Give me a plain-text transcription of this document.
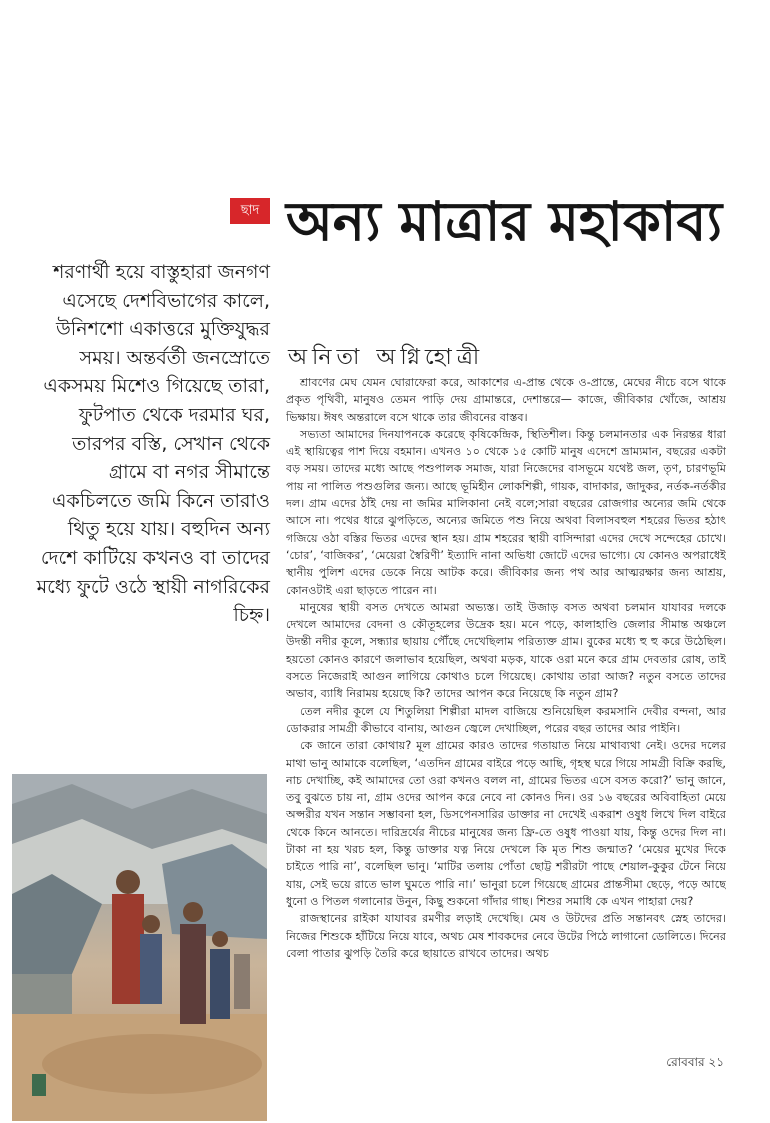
ছাদ অন্য মাত্রার মহাকাব্য
অনিতা অগ্নিহোত্রী

শরণার্থী হয়ে বাস্তুহারা জনগণ এসেছে দেশবিভাগের কালে, উনিশশো একাত্তরে মুক্তিযুদ্ধর সময়। অন্তর্বর্তী জনস্রোতে একসময় মিশেও গিয়েছে তারা, ফুটপাত থেকে দরমার ঘর, তারপর বস্তি, সেখান থেকে গ্রামে বা নগর সীমান্তে একচিলতে জমি কিনে তারাও থিতু হয়ে যায়। বহুদিন অন্য দেশে কাটিয়ে কখনও বা তাদের মধ্যে ফুটে ওঠে স্থায়ী নাগরিকের চিহ্ন।

শ্রাবণের মেঘ যেমন ঘোরাফেরা করে, আকাশের এ-প্রান্ত থেকে ও-প্রান্তে, মেঘের নীচে বসে থাকে প্রকৃত পৃথিবী, মানুষও তেমন পাড়ি দেয় গ্রামান্তরে, দেশান্তরে— কাজে, জীবিকার খোঁজে, আশ্রয় ভিক্ষায়। ঈষৎ অন্তরালে বসে থাকে তার জীবনের বাস্তব।

সভ্যতা আমাদের দিনযাপনকে করেছে কৃষিকেন্দ্রিক, স্থিতিশীল। কিন্তু চলমানতার এক নিরন্তর ধারা এই স্থায়িত্বের পাশ দিয়ে বহমান। এখনও ১০ থেকে ১৫ কোটি মানুষ এদেশে ভ্রাম্যমান, বছরের একটা বড় সময়। তাদের মধ্যে আছে পশুপালক সমাজ, যারা নিজেদের বাসভূমে যথেষ্ট জল, তৃণ, চারণভূমি পায় না পালিত পশুগুলির জন্য। আছে ভূমিহীন লোকশিল্পী, গায়ক, বাদাকার, জাদুকর, নর্তক-নর্তকীর দল। গ্রাম এদের ঠাঁই দেয় না জমির মালিকানা নেই বলে;সারা বছরের রোজগার অন্যের জমি থেকে আসে না। পথের ধারে ঝুপড়িতে, অন্যের জমিতে পশু নিয়ে অথবা বিলাসবহুল শহরের ভিতর হঠাৎ গজিয়ে ওঠা বস্তির ভিতর এদের স্থান হয়। গ্রাম শহরের স্থায়ী বাসিন্দারা এদের দেখে সন্দেহের চোখে। ‘চোর’, ‘বাজিকর’, ‘মেয়েরা স্বৈরিণী’ ইত্যাদি নানা অভিধা জোটে এদের ভাগ্যে। যে কোনও অপরাধেই স্থানীয় পুলিশ এদের ডেকে নিয়ে আটক করে। জীবিকার জন্য পথ আর আত্মরক্ষার জন্য আশ্রয়, কোনওটাই এরা ছাড়তে পারেন না।

মানুষের স্থায়ী বসত দেখতে আমরা অভ্যস্ত। তাই উজাড় বসত অথবা চলমান যাযাবর দলকে দেখলে আমাদের বেদনা ও কৌতূহলের উদ্রেক হয়। মনে পড়ে, কালাহাণ্ডি জেলার সীমান্ত অঞ্চলে উদন্তী নদীর কূলে, সন্ধ্যার ছায়ায় পৌঁছে দেখেছিলাম পরিত্যক্ত গ্রাম। বুকের মধ্যে হু হু করে উঠেছিল। হয়তো কোনও কারণে জলাভাব হয়েছিল, অথবা মড়ক, যাকে ওরা মনে করে গ্রাম দেবতার রোষ, তাই বসতে নিজেরাই আগুন লাগিয়ে কোথাও চলে গিয়েছে। কোথায় তারা আজ? নতুন বসতে তাদের অভাব, ব্যাধি নিরাময় হয়েছে কি? তাদের আপন করে নিয়েছে কি নতুন গ্রাম?

তেল নদীর কূলে যে শিতুলিয়া শিল্পীরা মাদল বাজিয়ে শুনিয়েছিল করমসানি দেবীর বন্দনা, আর ডোকরার সামগ্রী কীভাবে বানায়, আগুন জ্বেলে দেখাচ্ছিল, পরের বছর তাদের আর পাইনি।

কে জানে তারা কোথায়? মূল গ্রামের কারও তাদের গতায়াত নিয়ে মাথাব্যথা নেই। ওদের দলের মাথা ভানু আমাকে বলেছিল, ‘এতদিন গ্রামের বাইরে পড়ে আছি, গৃহস্থ ঘরে গিয়ে সামগ্রী বিক্রি করছি, নাচ দেখাচ্ছি, কই আমাদের তো ওরা কখনও বলল না, গ্রামের ভিতর এসে বসত করো?’ ভানু জানে, তবু বুঝতে চায় না, গ্রাম ওদের আপন করে নেবে না কোনও দিন। ওর ১৬ বছরের অবিবাহিতা মেয়ে অপ্সরীর যখন সন্তান সম্ভাবনা হল, ডিসপেনসারির ডাক্তার না দেখেই একরাশ ওষুধ লিখে দিল বাইরে থেকে কিনে আনতে। দারিদ্রর্যের নীচের মানুষের জন্য ফ্রি-তে ওষুধ পাওয়া যায়, কিন্তু ওদের দিল না। টাকা না হয় খরচ হল, কিন্তু ডাক্তার যত্ন নিয়ে দেখলে কি মৃত শিশু জন্মাত? ‘মেয়ের মুখের দিকে চাইতে পারি না’, বলেছিল ভানু। ‘মাটির তলায় পোঁতা ছোট্ট শরীরটা পাছে শেয়াল-কুকুর টেনে নিয়ে যায়, সেই ভয়ে রাতে ভাল ঘুমতে পারি না।’ ভানুরা চলে গিয়েছে গ্রামের প্রান্তসীমা ছেড়ে, পড়ে আছে ধুনো ও পিতল গলানোর উনুন, কিছু শুকনো গাঁদার গাছ। শিশুর সমাধি কে এখন পাহারা দেয়?

রাজস্থানের রাইকা যাযাবর রমণীর লড়াই দেখেছি। মেষ ও উটদের প্রতি সন্তানবৎ স্নেহ তাদের। নিজের শিশুকে হাঁটিয়ে নিয়ে যাবে, অথচ মেষ শাবকদের নেবে উটের পিঠে লাগানো ডোলিতে। দিনের বেলা পাতার ঝুপড়ি তৈরি করে ছায়াতে রাখবে তাদের। অথচ

রোববার ২১
